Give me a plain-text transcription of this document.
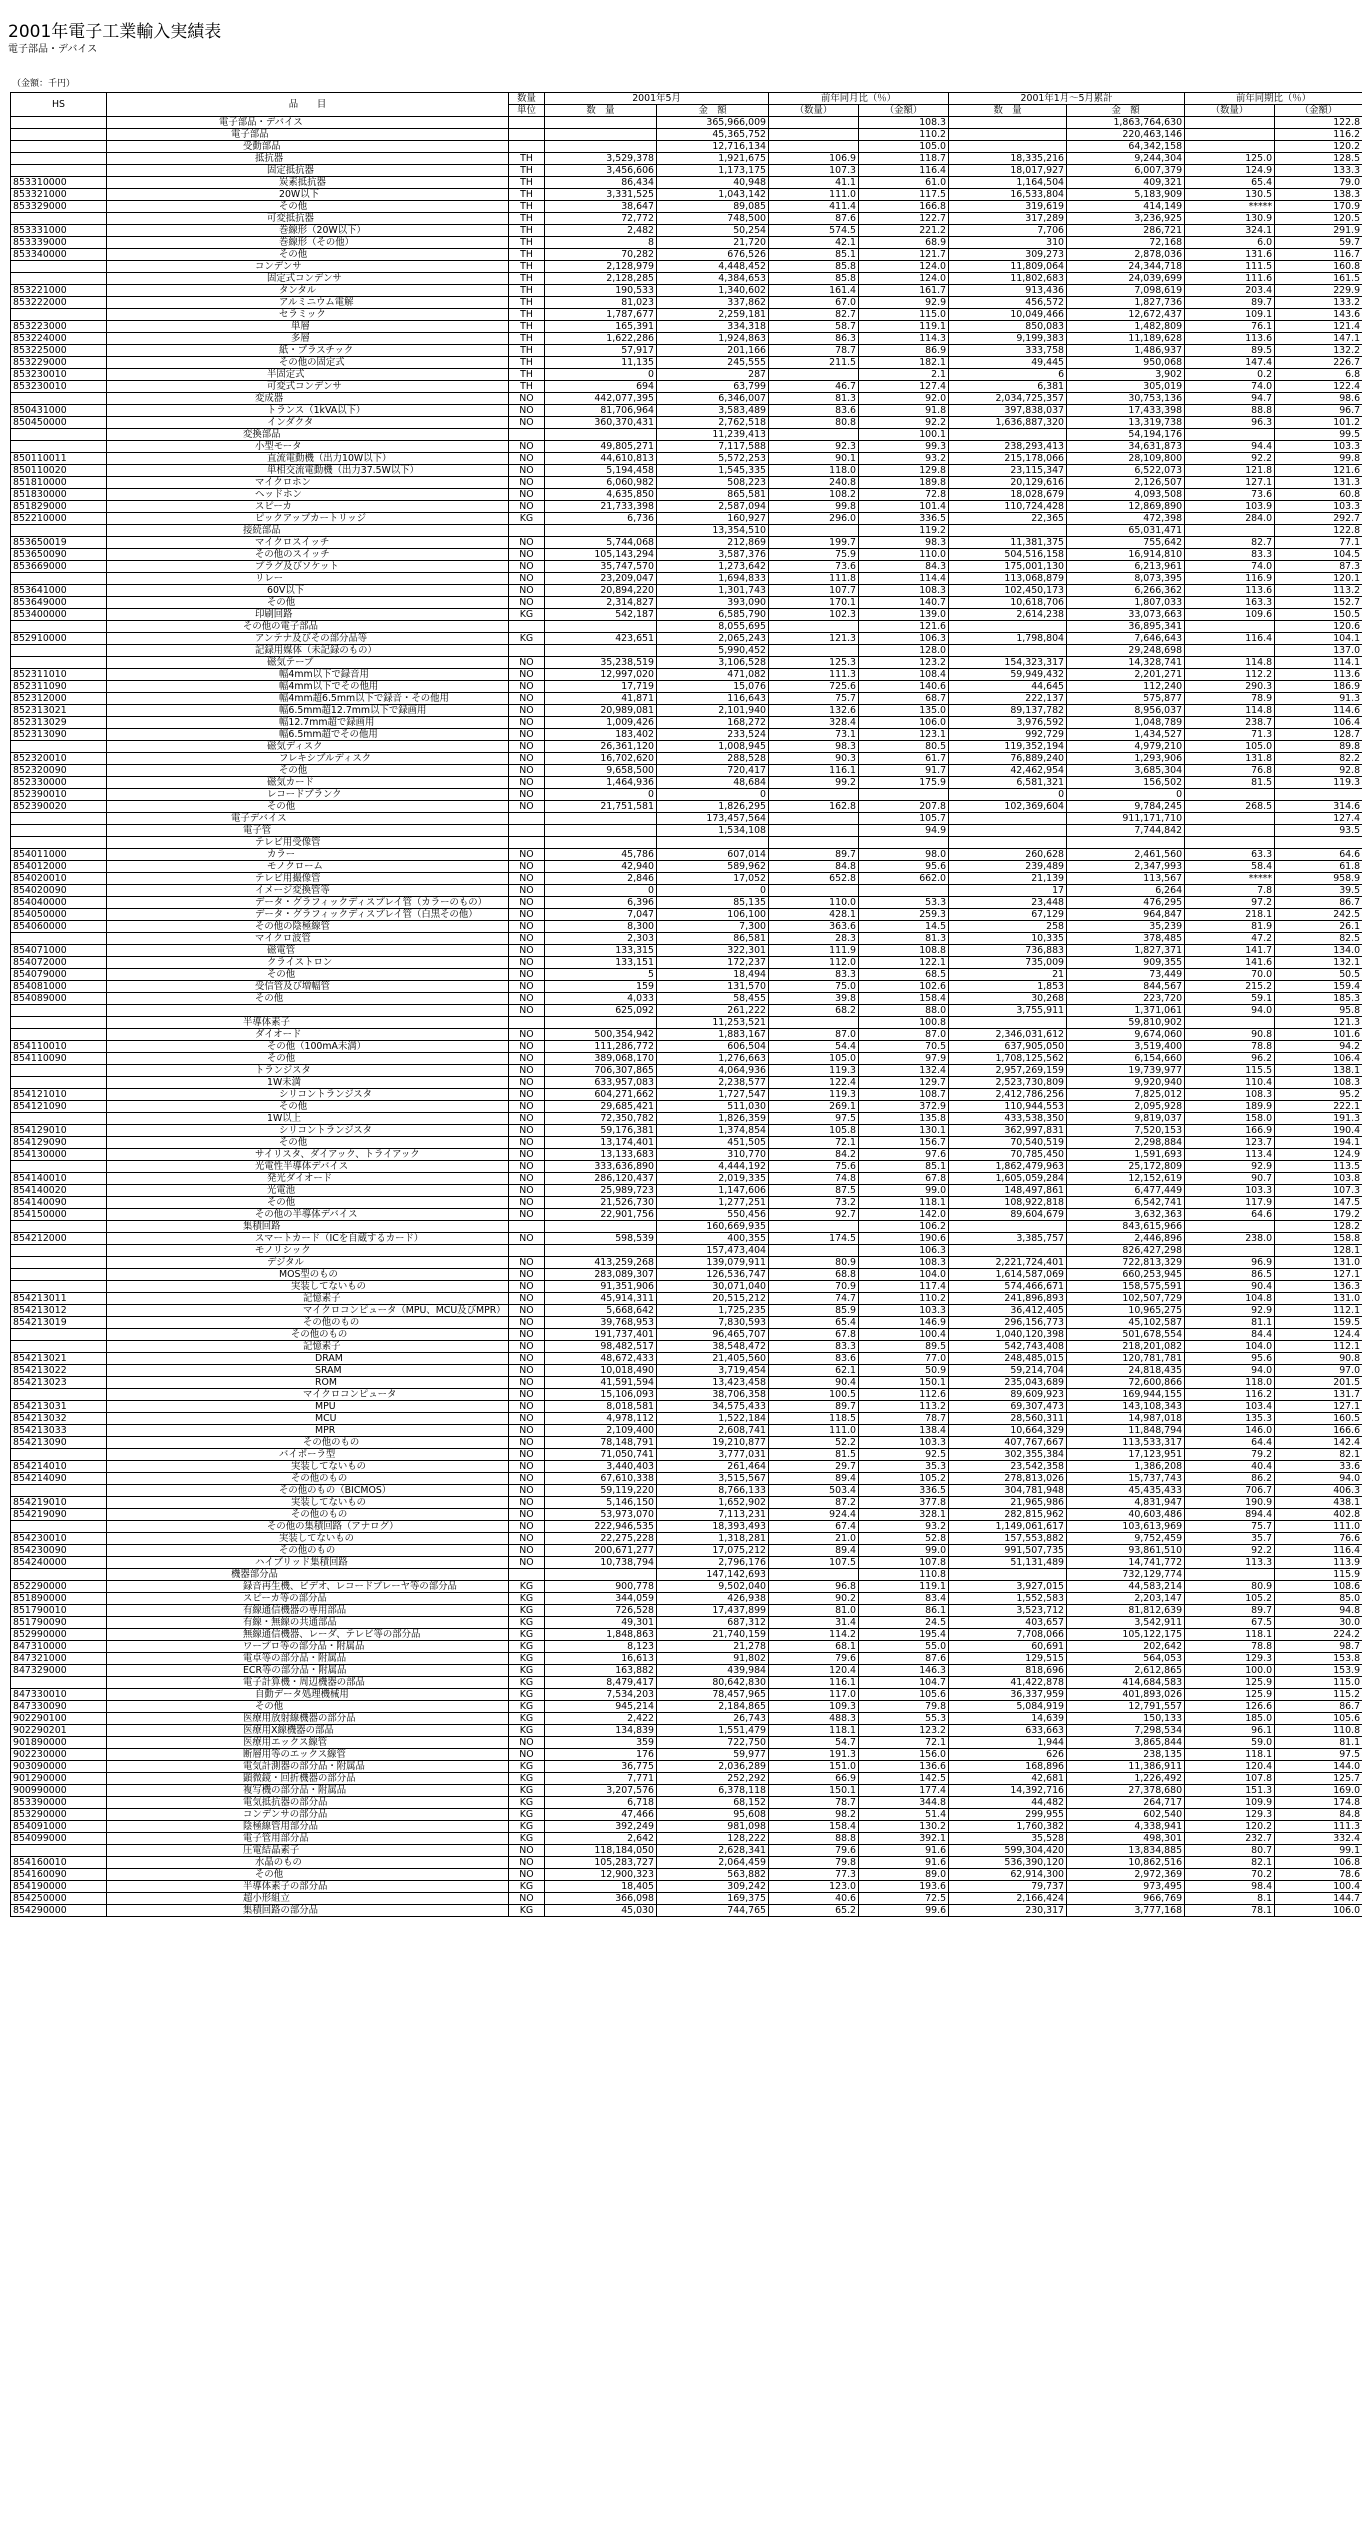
2001年電子工業輸入実績表
電子部品・デバイス
（金額：千円）
HS	品　　目	数量	2001年5月		前年同月比（％）		2001年1月〜5月累計		前年同期比（％）	
		単位	数　量	金　額	（数量）	（金額）	数　量	金　額	（数量）	（金額）
	電子部品・デバイス			365,966,009		108.3		1,863,764,630		122.8
	電子部品			45,365,752		110.2		220,463,146		116.2
	受動部品			12,716,134		105.0		64,342,158		120.2
	抵抗器	TH	3,529,378	1,921,675	106.9	118.7	18,335,216	9,244,304	125.0	128.5
	固定抵抗器	TH	3,456,606	1,173,175	107.3	116.4	18,017,927	6,007,379	124.9	133.3
853310000	炭素抵抗器	TH	86,434	40,948	41.1	61.0	1,164,504	409,321	65.4	79.0
853321000	20W以下	TH	3,331,525	1,043,142	111.0	117.5	16,533,804	5,183,909	130.5	138.3
853329000	その他	TH	38,647	89,085	411.4	166.8	319,619	414,149	*****	170.9
	可変抵抗器	TH	72,772	748,500	87.6	122.7	317,289	3,236,925	130.9	120.5
853331000	巻線形（20W以下）	TH	2,482	50,254	574.5	221.2	7,706	286,721	324.1	291.9
853339000	巻線形（その他）	TH	8	21,720	42.1	68.9	310	72,168	6.0	59.7
853340000	その他	TH	70,282	676,526	85.1	121.7	309,273	2,878,036	131.6	116.7
	コンデンサ	TH	2,128,979	4,448,452	85.8	124.0	11,809,064	24,344,718	111.5	160.8
	固定式コンデンサ	TH	2,128,285	4,384,653	85.8	124.0	11,802,683	24,039,699	111.6	161.5
853221000	タンタル	TH	190,533	1,340,602	161.4	161.7	913,436	7,098,619	203.4	229.9
853222000	アルミニウム電解	TH	81,023	337,862	67.0	92.9	456,572	1,827,736	89.7	133.2
	セラミック	TH	1,787,677	2,259,181	82.7	115.0	10,049,466	12,672,437	109.1	143.6
853223000	単層	TH	165,391	334,318	58.7	119.1	850,083	1,482,809	76.1	121.4
853224000	多層	TH	1,622,286	1,924,863	86.3	114.3	9,199,383	11,189,628	113.6	147.1
853225000	紙・プラスチック	TH	57,917	201,166	78.7	86.9	333,758	1,486,937	89.5	132.2
853229000	その他の固定式	TH	11,135	245,555	211.5	182.1	49,445	950,068	147.4	226.7
853230010	半固定式	TH	0	287		2.1	6	3,902	0.2	6.8
853230010	可変式コンデンサ	TH	694	63,799	46.7	127.4	6,381	305,019	74.0	122.4
	変成器	NO	442,077,395	6,346,007	81.3	92.0	2,034,725,357	30,753,136	94.7	98.6
850431000	トランス（1kVA以下）	NO	81,706,964	3,583,489	83.6	91.8	397,838,037	17,433,398	88.8	96.7
850450000	インダクタ	NO	360,370,431	2,762,518	80.8	92.2	1,636,887,320	13,319,738	96.3	101.2
	変換部品			11,239,413		100.1		54,194,176		99.5
	小型モータ	NO	49,805,271	7,117,588	92.3	99.3	238,293,413	34,631,873	94.4	103.3
850110011	直流電動機（出力10W以下）	NO	44,610,813	5,572,253	90.1	93.2	215,178,066	28,109,800	92.2	99.8
850110020	単相交流電動機（出力37.5W以下）	NO	5,194,458	1,545,335	118.0	129.8	23,115,347	6,522,073	121.8	121.6
851810000	マイクロホン	NO	6,060,982	508,223	240.8	189.8	20,129,616	2,126,507	127.1	131.3
851830000	ヘッドホン	NO	4,635,850	865,581	108.2	72.8	18,028,679	4,093,508	73.6	60.8
851829000	スピーカ	NO	21,733,398	2,587,094	99.8	101.4	110,724,428	12,869,890	103.9	103.3
852210000	ピックアップカートリッジ	KG	6,736	160,927	296.0	336.5	22,365	472,398	284.0	292.7
	接続部品			13,354,510		119.2		65,031,471		122.8
853650019	マイクロスイッチ	NO	5,744,068	212,869	199.7	98.3	11,381,375	755,642	82.7	77.1
853650090	その他のスイッチ	NO	105,143,294	3,587,376	75.9	110.0	504,516,158	16,914,810	83.3	104.5
853669000	プラグ及びソケット	NO	35,747,570	1,273,642	73.6	84.3	175,001,130	6,213,961	74.0	87.3
	リレー	NO	23,209,047	1,694,833	111.8	114.4	113,068,879	8,073,395	116.9	120.1
853641000	60V以下	NO	20,894,220	1,301,743	107.7	108.3	102,450,173	6,266,362	113.6	113.2
853649000	その他	NO	2,314,827	393,090	170.1	140.7	10,618,706	1,807,033	163.3	152.7
853400000	印刷回路	KG	542,187	6,585,790	102.3	139.0	2,614,238	33,073,663	109.6	150.5
	その他の電子部品			8,055,695		121.6		36,895,341		120.6
852910000	アンテナ及びその部分品等	KG	423,651	2,065,243	121.3	106.3	1,798,804	7,646,643	116.4	104.1
	記録用媒体（未記録のもの）			5,990,452		128.0		29,248,698		137.0
	磁気テープ	NO	35,238,519	3,106,528	125.3	123.2	154,323,317	14,328,741	114.8	114.1
852311010	幅4mm以下で録音用	NO	12,997,020	471,082	111.3	108.4	59,949,432	2,201,271	112.2	113.6
852311090	幅4mm以下でその他用	NO	17,719	15,076	725.6	140.6	44,645	112,240	290.3	186.9
852312000	幅4mm超6.5mm以下で録音・その他用	NO	41,871	116,643	75.7	68.7	222,137	575,877	78.9	91.3
852313021	幅6.5mm超12.7mm以下で録画用	NO	20,989,081	2,101,940	132.6	135.0	89,137,782	8,956,037	114.8	114.6
852313029	幅12.7mm超で録画用	NO	1,009,426	168,272	328.4	106.0	3,976,592	1,048,789	238.7	106.4
852313090	幅6.5mm超でその他用	NO	183,402	233,524	73.1	123.1	992,729	1,434,527	71.3	128.7
	磁気ディスク	NO	26,361,120	1,008,945	98.3	80.5	119,352,194	4,979,210	105.0	89.8
852320010	フレキシブルディスク	NO	16,702,620	288,528	90.3	61.7	76,889,240	1,293,906	131.8	82.2
852320090	その他	NO	9,658,500	720,417	116.1	91.7	42,462,954	3,685,304	76.8	92.8
852330000	磁気カード	NO	1,464,936	48,684	99.2	175.9	6,581,321	156,502	81.5	119.3
852390010	レコードブランク	NO	0	0			0	0		
852390020	その他	NO	21,751,581	1,826,295	162.8	207.8	102,369,604	9,784,245	268.5	314.6
	電子デバイス			173,457,564		105.7		911,171,710		127.4
	電子管			1,534,108		94.9		7,744,842		93.5
	テレビ用受像管									
854011000	カラー	NO	45,786	607,014	89.7	98.0	260,628	2,461,560	63.3	64.6
854012000	モノクローム	NO	42,940	589,962	84.8	95.6	239,489	2,347,993	58.4	61.8
854020010	テレビ用撮像管	NO	2,846	17,052	652.8	662.0	21,139	113,567	*****	958.9
854020090	イメージ変換管等	NO	0	0			17	6,264	7.8	39.5
854040000	データ・グラフィックディスプレイ管（カラーのもの）	NO	6,396	85,135	110.0	53.3	23,448	476,295	97.2	86.7
854050000	データ・グラフィックディスプレイ管（白黒その他）	NO	7,047	106,100	428.1	259.3	67,129	964,847	218.1	242.5
854060000	その他の陰極線管	NO	8,300	7,300	363.6	14.5	258	35,239	81.9	26.1
	マイクロ波管	NO	2,303	86,581	28.3	81.3	10,335	378,485	47.2	82.5
854071000	磁電管	NO	133,315	322,301	111.9	108.8	736,883	1,827,371	141.7	134.0
854072000	クライストロン	NO	133,151	172,237	112.0	122.1	735,009	909,355	141.6	132.1
854079000	その他	NO	5	18,494	83.3	68.5	21	73,449	70.0	50.5
854081000	受信管及び増幅管	NO	159	131,570	75.0	102.6	1,853	844,567	215.2	159.4
854089000	その他	NO	4,033	58,455	39.8	158.4	30,268	223,720	59.1	185.3
		NO	625,092	261,222	68.2	88.0	3,755,911	1,371,061	94.0	95.8
	半導体素子			11,253,521		100.8		59,810,902		121.3
	ダイオード	NO	500,354,942	1,883,167	87.0	87.0	2,346,031,612	9,674,060	90.8	101.6
854110010	その他（100mA未満）	NO	111,286,772	606,504	54.4	70.5	637,905,050	3,519,400	78.8	94.2
854110090	その他	NO	389,068,170	1,276,663	105.0	97.9	1,708,125,562	6,154,660	96.2	106.4
	トランジスタ	NO	706,307,865	4,064,936	119.3	132.4	2,957,269,159	19,739,977	115.5	138.1
	1W未満	NO	633,957,083	2,238,577	122.4	129.7	2,523,730,809	9,920,940	110.4	108.3
854121010	シリコントランジスタ	NO	604,271,662	1,727,547	119.3	108.7	2,412,786,256	7,825,012	108.3	95.2
854121090	その他	NO	29,685,421	511,030	269.1	372.9	110,944,553	2,095,928	189.9	222.1
	1W以上	NO	72,350,782	1,826,359	97.5	135.8	433,538,350	9,819,037	158.0	191.3
854129010	シリコントランジスタ	NO	59,176,381	1,374,854	105.8	130.1	362,997,831	7,520,153	166.9	190.4
854129090	その他	NO	13,174,401	451,505	72.1	156.7	70,540,519	2,298,884	123.7	194.1
854130000	サイリスタ、ダイアック、トライアック	NO	13,133,683	310,770	84.2	97.6	70,785,450	1,591,693	113.4	124.9
	光電性半導体デバイス	NO	333,636,890	4,444,192	75.6	85.1	1,862,479,963	25,172,809	92.9	113.5
854140010	発光ダイオード	NO	286,120,437	2,019,335	74.8	67.8	1,605,059,284	12,152,619	90.7	103.8
854140020	光電池	NO	25,989,723	1,147,606	87.5	99.0	148,497,861	6,477,449	103.3	107.3
854140090	その他	NO	21,526,730	1,277,251	73.2	118.1	108,922,818	6,542,741	117.9	147.5
854150000	その他の半導体デバイス	NO	22,901,756	550,456	92.7	142.0	89,604,679	3,632,363	64.6	179.2
	集積回路			160,669,935		106.2		843,615,966		128.2
854212000	スマートカード（ICを自蔵するカード）	NO	598,539	400,355	174.5	190.6	3,385,757	2,446,896	238.0	158.8
	モノリシック			157,473,404		106.3		826,427,298		128.1
	デジタル	NO	413,259,268	139,079,911	80.9	108.3	2,221,724,401	722,813,329	96.9	131.0
	MOS型のもの	NO	283,089,307	126,536,747	68.8	104.0	1,614,587,069	660,253,945	86.5	127.1
	実装してないもの	NO	91,351,906	30,071,040	70.9	117.4	574,466,671	158,575,591	90.4	136.3
854213011	記憶素子	NO	45,914,311	20,515,212	74.7	110.2	241,896,893	102,507,729	104.8	131.0
854213012	マイクロコンピュータ（MPU、MCU及びMPR）	NO	5,668,642	1,725,235	85.9	103.3	36,412,405	10,965,275	92.9	112.1
854213019	その他のもの	NO	39,768,953	7,830,593	65.4	146.9	296,156,773	45,102,587	81.1	159.5
	その他のもの	NO	191,737,401	96,465,707	67.8	100.4	1,040,120,398	501,678,554	84.4	124.4
	記憶素子	NO	98,482,517	38,548,472	83.3	89.5	542,743,408	218,201,082	104.0	112.1
854213021	DRAM	NO	48,672,433	21,405,560	83.6	77.0	248,485,015	120,781,781	95.6	90.8
854213022	SRAM	NO	10,018,490	3,719,454	62.1	50.9	59,214,704	24,818,435	94.0	97.0
854213023	ROM	NO	41,591,594	13,423,458	90.4	150.1	235,043,689	72,600,866	118.0	201.5
	マイクロコンピュータ	NO	15,106,093	38,706,358	100.5	112.6	89,609,923	169,944,155	116.2	131.7
854213031	MPU	NO	8,018,581	34,575,433	89.7	113.2	69,307,473	143,108,343	103.4	127.1
854213032	MCU	NO	4,978,112	1,522,184	118.5	78.7	28,560,311	14,987,018	135.3	160.5
854213033	MPR	NO	2,109,400	2,608,741	111.0	138.4	10,664,329	11,848,794	146.0	166.6
854213090	その他のもの	NO	78,148,791	19,210,877	52.2	103.3	407,767,667	113,533,317	64.4	142.4
	バイポーラ型	NO	71,050,741	3,777,031	81.5	92.5	302,355,384	17,123,951	79.2	82.1
854214010	実装してないもの	NO	3,440,403	261,464	29.7	35.3	23,542,358	1,386,208	40.4	33.6
854214090	その他のもの	NO	67,610,338	3,515,567	89.4	105.2	278,813,026	15,737,743	86.2	94.0
	その他のもの（BICMOS）	NO	59,119,220	8,766,133	503.4	336.5	304,781,948	45,435,433	706.7	406.3
854219010	実装してないもの	NO	5,146,150	1,652,902	87.2	377.8	21,965,986	4,831,947	190.9	438.1
854219090	その他のもの	NO	53,973,070	7,113,231	924.4	328.1	282,815,962	40,603,486	894.4	402.8
	その他の集積回路（アナログ）	NO	222,946,535	18,393,493	67.4	93.2	1,149,061,617	103,613,969	75.7	111.0
854230010	実装してないもの	NO	22,275,228	1,318,281	21.0	52.8	157,553,882	9,752,459	35.7	76.6
854230090	その他のもの	NO	200,671,277	17,075,212	89.4	99.0	991,507,735	93,861,510	92.2	116.4
854240000	ハイブリッド集積回路	NO	10,738,794	2,796,176	107.5	107.8	51,131,489	14,741,772	113.3	113.9
	機器部分品			147,142,693		110.8		732,129,774		115.9
852290000	録音再生機、ビデオ、レコードプレーヤ等の部分品	KG	900,778	9,502,040	96.8	119.1	3,927,015	44,583,214	80.9	108.6
851890000	スピーカ等の部分品	KG	344,059	426,938	90.2	83.4	1,552,583	2,203,147	105.2	85.0
851790010	有線通信機器の専用部品	KG	726,528	17,437,899	81.0	86.1	3,523,712	81,812,639	89.7	94.8
851790090	有線・無線の共通部品	KG	49,301	687,312	31.4	24.5	403,657	3,542,911	67.5	30.0
852990000	無線通信機器、レーダ、テレビ等の部分品	KG	1,848,863	21,740,159	114.2	195.4	7,708,066	105,122,175	118.1	224.2
847310000	ワープロ等の部分品・附属品	KG	8,123	21,278	68.1	55.0	60,691	202,642	78.8	98.7
847321000	電卓等の部分品・附属品	KG	16,613	91,802	79.6	87.6	129,515	564,053	129.3	153.8
847329000	ECR等の部分品・附属品	KG	163,882	439,984	120.4	146.3	818,696	2,612,865	100.0	153.9
	電子計算機・周辺機器の部品	KG	8,479,417	80,642,830	116.1	104.7	41,422,878	414,684,583	125.9	115.0
847330010	自動データ処理機械用	KG	7,534,203	78,457,965	117.0	105.6	36,337,959	401,893,026	125.9	115.2
847330090	その他	KG	945,214	2,184,865	109.3	79.8	5,084,919	12,791,557	126.6	86.7
902290100	医療用放射線機器の部分品	KG	2,422	26,743	488.3	55.3	14,639	150,133	185.0	105.6
902290201	医療用X線機器の部品	KG	134,839	1,551,479	118.1	123.2	633,663	7,298,534	96.1	110.8
901890000	医療用エックス線管	NO	359	722,750	54.7	72.1	1,944	3,865,844	59.0	81.1
902230000	断層用等のエックス線管	NO	176	59,977	191.3	156.0	626	238,135	118.1	97.5
903090000	電気計測器の部分品・附属品	KG	36,775	2,036,289	151.0	136.6	168,896	11,386,911	120.4	144.0
901290000	顕微鏡・回折機器の部分品	KG	7,771	252,292	66.9	142.5	42,681	1,226,492	107.8	125.7
900990000	複写機の部分品・附属品	KG	3,207,576	6,378,118	150.1	177.4	14,392,716	27,378,680	151.3	169.0
853390000	電気抵抗器の部分品	KG	6,718	68,152	78.7	344.8	44,482	264,717	109.9	174.8
853290000	コンデンサの部分品	KG	47,466	95,608	98.2	51.4	299,955	602,540	129.3	84.8
854091000	陰極線管用部分品	KG	392,249	981,098	158.4	130.2	1,760,382	4,338,941	120.2	111.3
854099000	電子管用部分品	KG	2,642	128,222	88.8	392.1	35,528	498,301	232.7	332.4
	圧電結晶素子	NO	118,184,050	2,628,341	79.6	91.6	599,304,420	13,834,885	80.7	99.1
854160010	水晶のもの	NO	105,283,727	2,064,459	79.8	91.6	536,390,120	10,862,516	82.1	106.8
854160090	その他	NO	12,900,323	563,882	77.3	89.0	62,914,300	2,972,369	70.2	78.6
854190000	半導体素子の部分品	KG	18,405	309,242	123.0	193.6	79,737	973,495	98.4	100.4
854250000	超小形組立	NO	366,098	169,375	40.6	72.5	2,166,424	966,769	8.1	144.7
854290000	集積回路の部分品	KG	45,030	744,765	65.2	99.6	230,317	3,777,168	78.1	106.0
